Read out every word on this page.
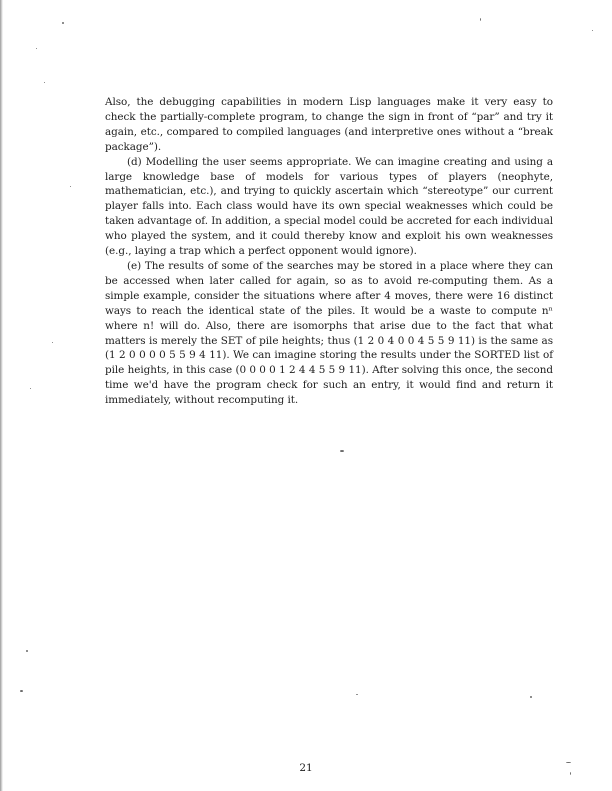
Also, the debugging capabilities in modern Lisp languages make it very easy to check the partially-complete program, to change the sign in front of “par” and try it again, etc., compared to compiled languages (and interpretive ones without a “break package”).

(d) Modelling the user seems appropriate. We can imagine creating and using a large knowledge base of models for various types of players (neophyte, mathematician, etc.), and trying to quickly ascertain which “stereotype” our current player falls into. Each class would have its own special weaknesses which could be taken advantage of. In addition, a special model could be accreted for each individual who played the system, and it could thereby know and exploit his own weaknesses (e.g., laying a trap which a perfect opponent would ignore).

(e) The results of some of the searches may be stored in a place where they can be accessed when later called for again, so as to avoid re-computing them. As a simple example, consider the situations where after 4 moves, there were 16 distinct ways to reach the identical state of the piles. It would be a waste to compute nⁿ where n! will do. Also, there are isomorphs that arise due to the fact that what matters is merely the SET of pile heights; thus (1 2 0 4 0 0 4 5 5 9 11) is the same as (1 2 0 0 0 0 5 5 9 4 11). We can imagine storing the results under the SORTED list of pile heights, in this case (0 0 0 0 1 2 4 4 5 5 9 11). After solving this once, the second time we'd have the program check for such an entry, it would find and return it immediately, without recomputing it.

21
